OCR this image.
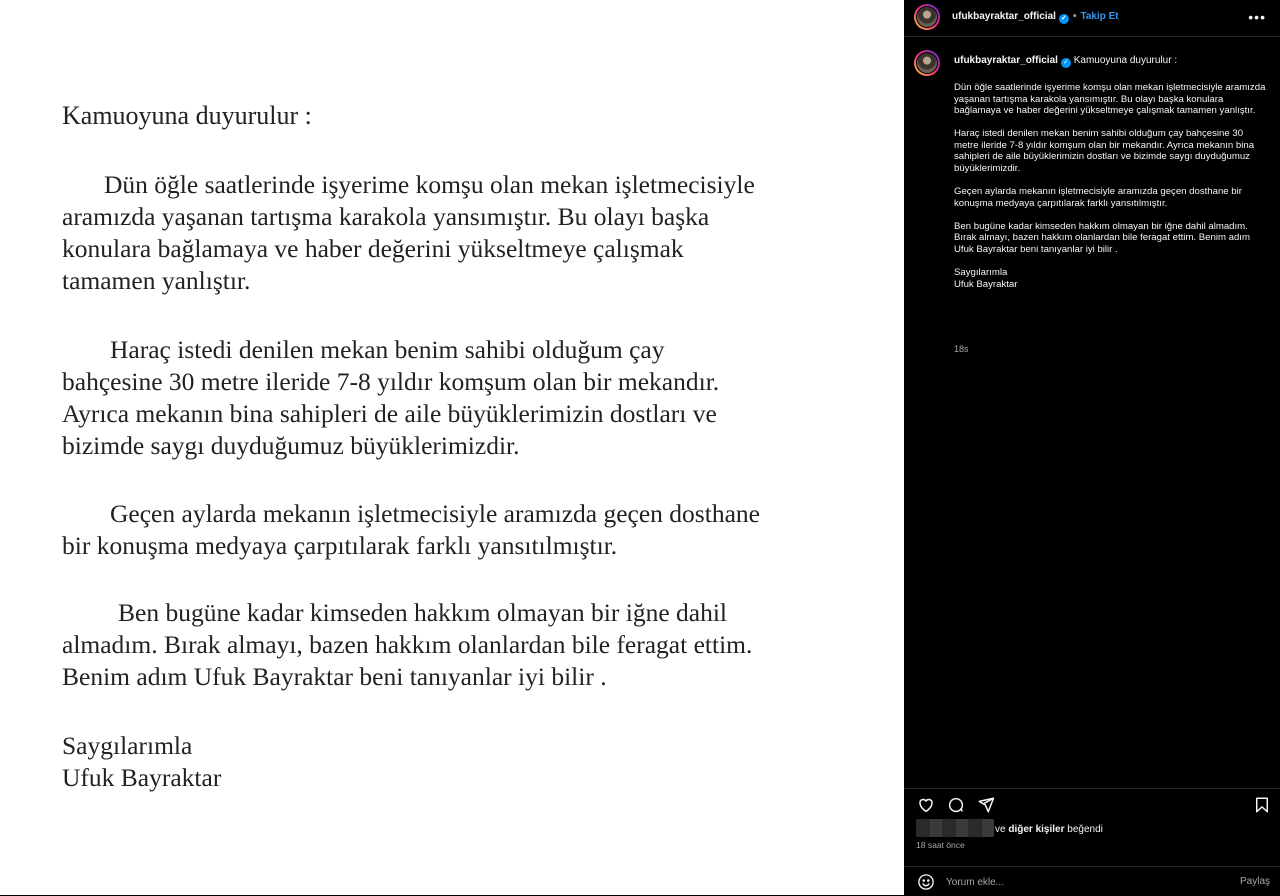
Kamuoyuna duyurulur :
Dün öğle saatlerinde işyerime komşu olan mekan işletmecisiyle
aramızda yaşanan tartışma karakola yansımıştır. Bu olayı başka
konulara bağlamaya ve haber değerini yükseltmeye çalışmak
tamamen yanlıştır.
Haraç istedi denilen mekan benim sahibi olduğum çay
bahçesine 30 metre ileride 7-8 yıldır komşum olan bir mekandır.
Ayrıca mekanın bina sahipleri de aile büyüklerimizin dostları ve
bizimde saygı duyduğumuz büyüklerimizdir.
Geçen aylarda mekanın işletmecisiyle aramızda geçen dosthane
bir konuşma medyaya çarpıtılarak farklı yansıtılmıştır.
Ben bugüne kadar kimseden hakkım olmayan bir iğne dahil
almadım. Bırak almayı, bazen hakkım olanlardan bile feragat ettim.
Benim adım Ufuk Bayraktar beni tanıyanlar iyi bilir .
Saygılarımla
Ufuk Bayraktar
ufukbayraktar_official ✓ • Takip Et	•••
ufukbayraktar_official ✓ Kamuoyuna duyurulur :

Dün öğle saatlerinde işyerime komşu olan mekan işletmecisiyle aramızda yaşanan tartışma karakola yansımıştır. Bu olayı başka konulara bağlamaya ve haber değerini yükseltmeye çalışmak tamamen yanlıştır.

Haraç istedi denilen mekan benim sahibi olduğum çay bahçesine 30 metre ileride 7-8 yıldır komşum olan bir mekandır. Ayrıca mekanın bina sahipleri de aile büyüklerimizin dostları ve bizimde saygı duyduğumuz büyüklerimizdir.

Geçen aylarda mekanın işletmecisiyle aramızda geçen dosthane bir konuşma medyaya çarpıtılarak farklı yansıtılmıştır.

Ben bugüne kadar kimseden hakkım olmayan bir iğne dahil almadım. Bırak almayı, bazen hakkım olanlardan bile feragat ettim. Benim adım Ufuk Bayraktar beni tanıyanlar iyi bilir .

Saygılarımla
Ufuk Bayraktar

18s
ve diğer kişiler beğendi
18 saat önce
Yorum ekle...
Paylaş
